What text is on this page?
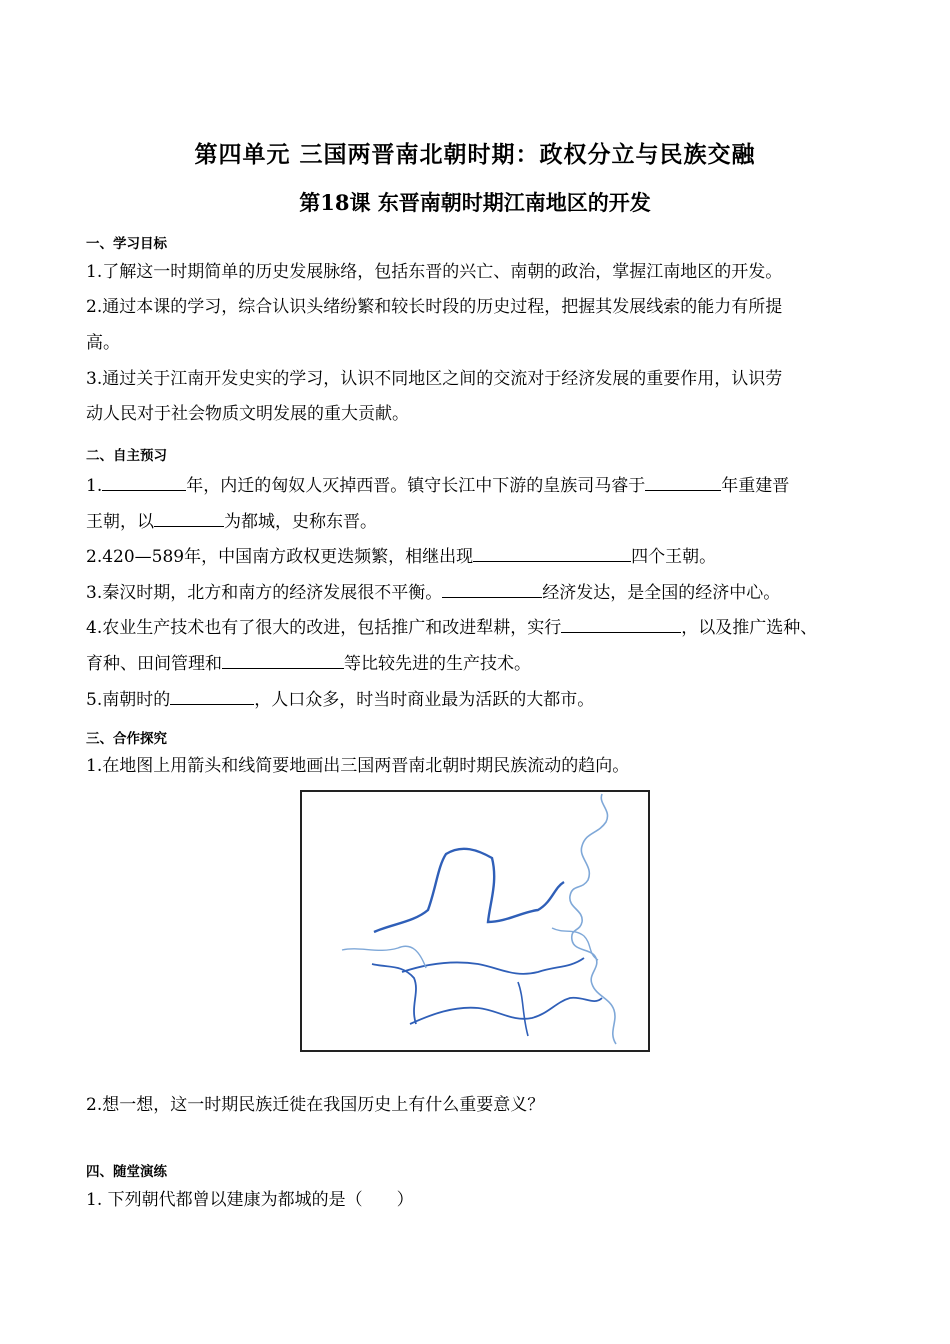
第四单元 三国两晋南北朝时期：政权分立与民族交融
第18课 东晋南朝时期江南地区的开发
一、学习目标
1.了解这一时期简单的历史发展脉络，包括东晋的兴亡、南朝的政治，掌握江南地区的开发。
2.通过本课的学习，综合认识头绪纷繁和较长时段的历史过程，把握其发展线索的能力有所提
高。
3.通过关于江南开发史实的学习，认识不同地区之间的交流对于经济发展的重要作用，认识劳
动人民对于社会物质文明发展的重大贡献。
二、自主预习
1.	年，内迁的匈奴人灭掉西晋。镇守长江中下游的皇族司马睿于	年重建晋
王朝，以	为都城，史称东晋。
2.420—589年，中国南方政权更迭频繁，相继出现	四个王朝。
3.秦汉时期，北方和南方的经济发展很不平衡。	经济发达，是全国的经济中心。
4.农业生产技术也有了很大的改进，包括推广和改进犁耕，实行	，以及推广选种、
育种、田间管理和	等比较先进的生产技术。
5.南朝时的	，人口众多，时当时商业最为活跃的大都市。
三、合作探究
1.在地图上用箭头和线简要地画出三国两晋南北朝时期民族流动的趋向。
2.想一想，这一时期民族迁徙在我国历史上有什么重要意义？
四、随堂演练
1. 下列朝代都曾以建康为都城的是（　　）
